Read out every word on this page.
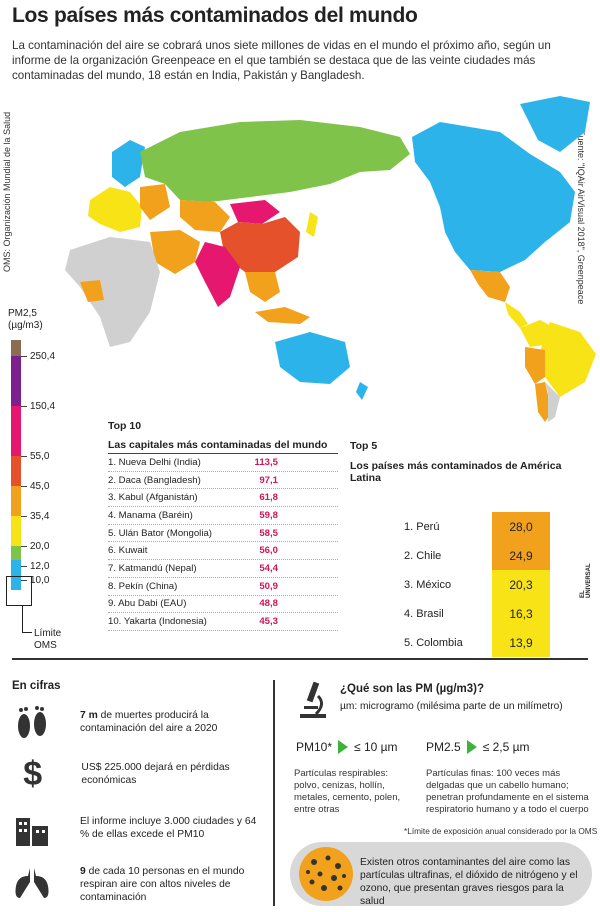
Los países más contaminados del mundo
La contaminación del aire se cobrará unos siete millones de vidas en el mundo el próximo año, según un informe de la organización Greenpeace en el que también se destaca que de las veinte ciudades más contaminadas del mundo, 18 están en India, Pakistán y Bangladesh.
OMS: Organización Mundial de la Salud	Fuente: "IQAir AirVisual 2018", Greenpeace
PM2,5
(µg/m3)
250,4
150,4
55,0
45,0
35,4
20,0
12,0
10,0
Límite
OMS
Top 10
Las capitales más contaminadas del mundo
1. Nueva Delhi (India)	113,5
2. Daca (Bangladesh)	97,1
3. Kabul (Afganistán)	61,8
4. Manama (Baréin)	59,8
5. Ulán Bator (Mongolia)	58,5
6. Kuwait	56,0
7. Katmandú (Nepal)	54,4
8. Pekín (China)	50,9
9. Abu Dabi (EAU)	48,8
10. Yakarta (Indonesia)	45,3
Top 5
Los países más contaminados de América Latina
1. Perú	28,0
2. Chile	24,9
3. México	20,3
4. Brasil	16,3
5. Colombia	13,9
EL UNIVERSAL
En cifras
7 m de muertes producirá la contaminación del aire a 2020
$	US$ 225.000 dejará en pérdidas económicas
El informe incluye 3.000 ciudades y 64 % de ellas excede el PM10
9 de cada 10 personas en el mundo respiran aire con altos niveles de contaminación
¿Qué son las PM (µg/m3)?
µm: microgramo (milésima parte de un milímetro)
PM10* ≤ 10 µm PM2.5 ≤ 2,5 µm
Partículas respirables: polvo, cenizas, hollín, metales, cemento, polen, entre otras
Partículas finas: 100 veces más delgadas que un cabello humano; penetran profundamente en el sistema respiratorio humano y a todo el cuerpo
*Límite de exposición anual considerado por la OMS
Existen otros contaminantes del aire como las partículas ultrafinas, el dióxido de nitrógeno y el ozono, que presentan graves riesgos para la salud
